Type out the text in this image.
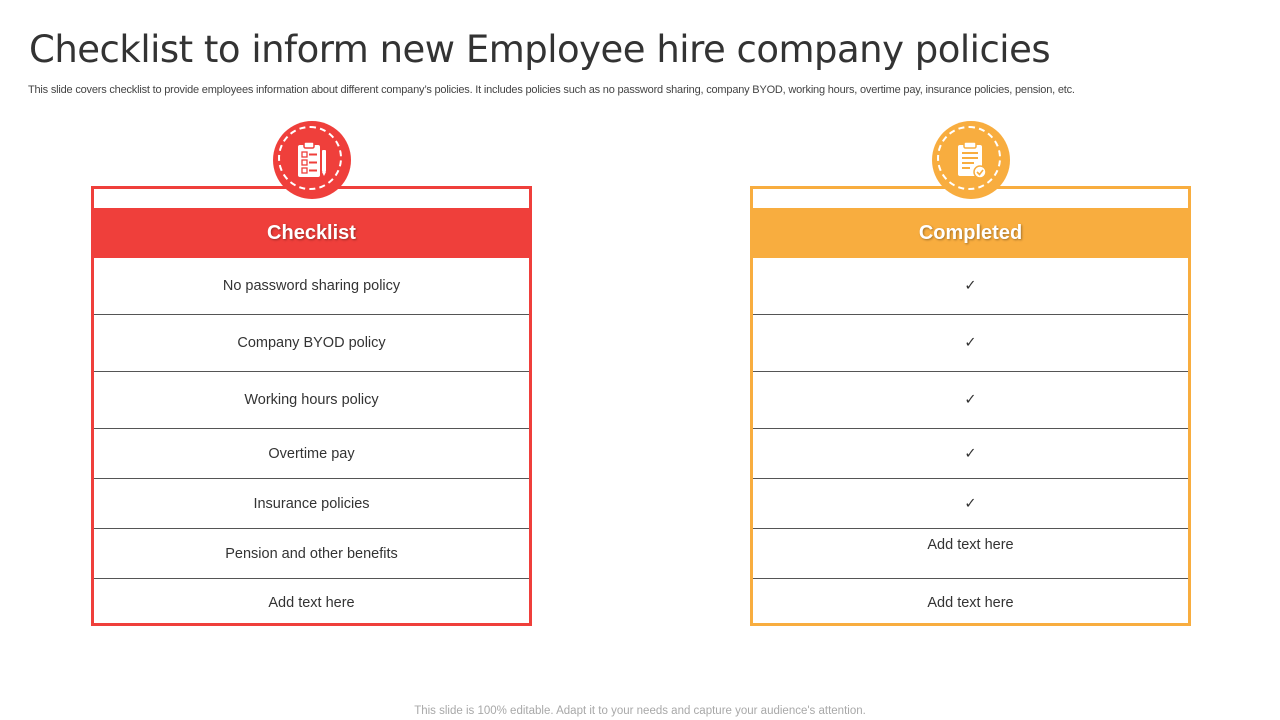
Checklist to inform new Employee hire company policies

This slide covers checklist to provide employees information about different company’s policies. It includes policies such as no password sharing, company BYOD, working hours, overtime pay, insurance policies, pension, etc.

Checklist
No password sharing policy
Company BYOD policy
Working hours policy
Overtime pay
Insurance policies
Pension and other benefits
Add text here
Completed
✓
✓
✓
✓
✓
Add text here
Add text here

This slide is 100% editable. Adapt it to your needs and capture your audience's attention.
